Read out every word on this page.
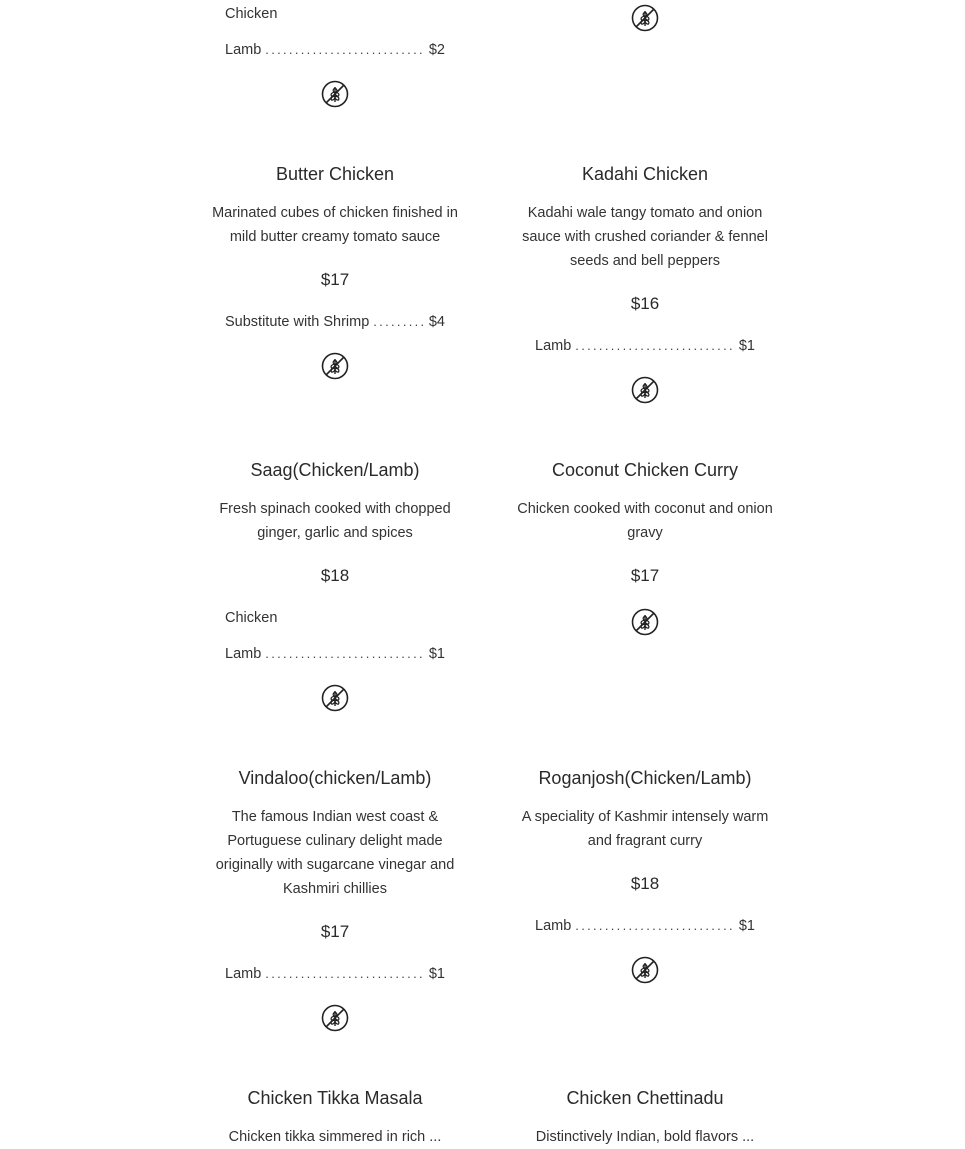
Chicken
Lamb .....	$2
Butter Chicken
Marinated cubes of chicken finished in mild butter creamy tomato sauce
$17
Substitute with Shrimp .....	$4
Kadahi Chicken
Kadahi wale tangy tomato and onion sauce with crushed coriander & fennel seeds and bell peppers
$16
Lamb .....	$1
Saag(Chicken/Lamb)
Fresh spinach cooked with chopped ginger, garlic and spices
$18
Chicken
Lamb .....	$1
Coconut Chicken Curry
Chicken cooked with coconut and onion gravy
$17
Vindaloo(chicken/Lamb)
The famous Indian west coast & Portuguese culinary delight made originally with sugarcane vinegar and Kashmiri chillies
$17
Lamb .....	$1
Roganjosh(Chicken/Lamb)
A speciality of Kashmir intensely warm and fragrant curry
$18
Lamb .....	$1
Chicken Tikka Masala	Chicken Chettinadu
Chicken tikka simmered in rich ...	Distinctively Indian, bold flavors ...
